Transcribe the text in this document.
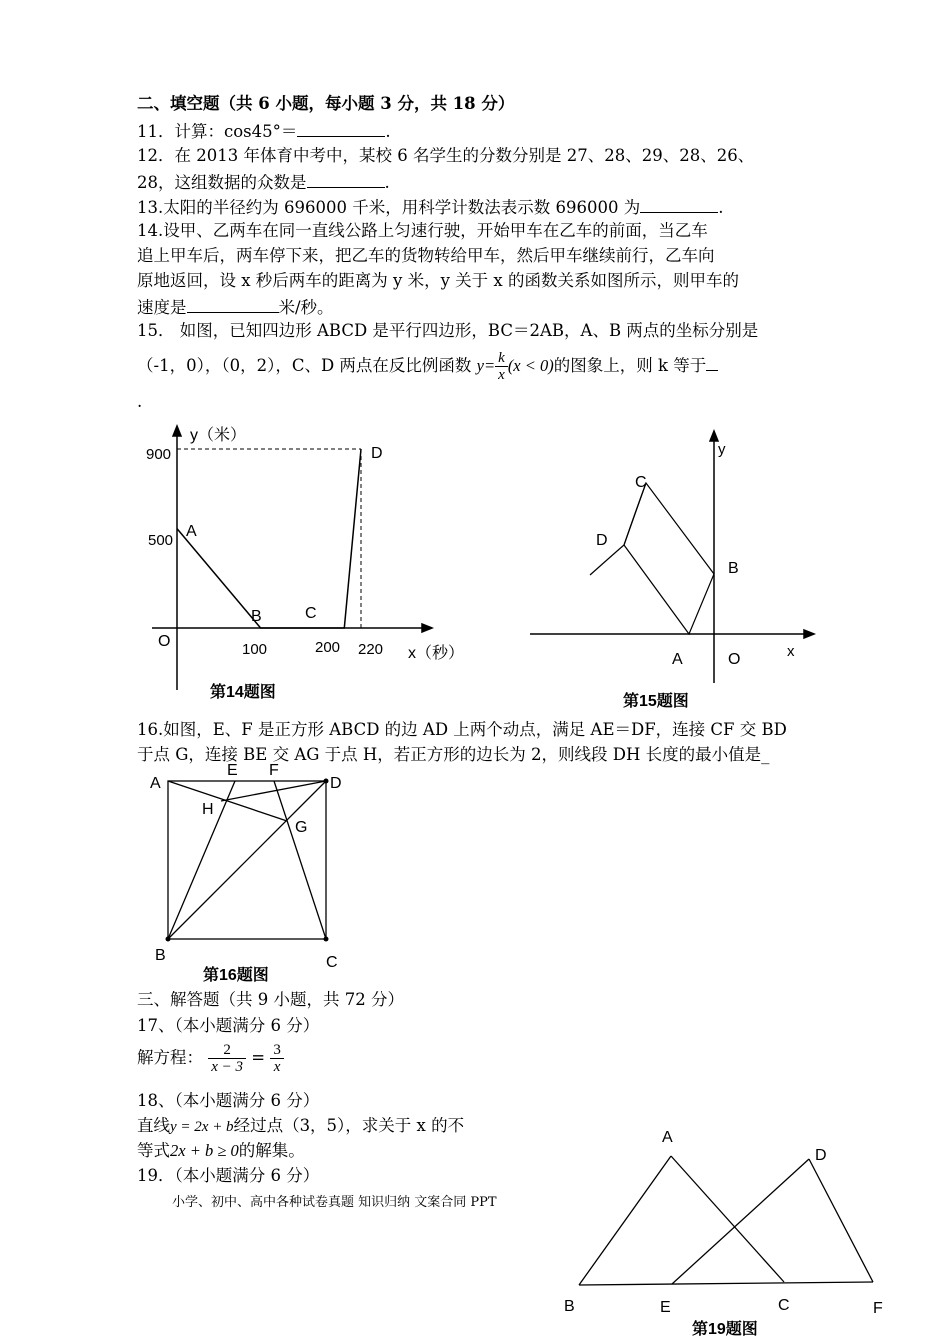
二、填空题（共 6 小题，每小题 3 分，共 18 分）
11．计算：cos45°＝	.
12．在 2013 年体育中考中，某校 6 名学生的分数分别是 27、28、29、28、26、
28，这组数据的众数是	.
13.太阳的半径约为 696000 千米，用科学计数法表示数 696000 为	.
14.设甲、乙两车在同一直线公路上匀速行驶，开始甲车在乙车的前面，当乙车
追上甲车后，两车停下来，把乙车的货物转给甲车，然后甲车继续前行，乙车向
原地返回，设 x 秒后两车的距离为 y 米，y 关于 x 的函数关系如图所示，则甲车的
速度是	米/秒。
15． 如图，已知四边形 ABCD 是平行四边形，BC＝2AB，A、B 两点的坐标分别是
（-1，0），（0，2），C、D 两点在反比例函数 $y= \frac{k}{x} (x < 0)$的图象上，则 k 等于
.
y（米）
x（秒）
O
900
500
100	200 220
A
B	C
D
第14题图
y
x
O
A
B
C
D
第15题图
16.如图，E、F 是正方形 ABCD 的边 AD 上两个动点，满足 AE＝DF，连接 CF 交 BD
于点 G，连接 BE 交 AG 于点 H，若正方形的边长为 2，则线段 DH 长度的最小值是_
A
E F
D
H
G
B	C
第16题图
三、解答题（共 9 小题，共 72 分）
17、（本小题满分 6 分）
解方程： $\frac{2}{x - 3} = \frac{3}{x}$
18、（本小题满分 6 分）
直线y = 2x + b经过点（3，5），求关于 x 的不
等式2x + b ≥ 0的解集。
19．（本小题满分 6 分）
小学、初中、高中各种试卷真题 知识归纳 文案合同 PPT
A
D
B	E	C	F
第19题图
